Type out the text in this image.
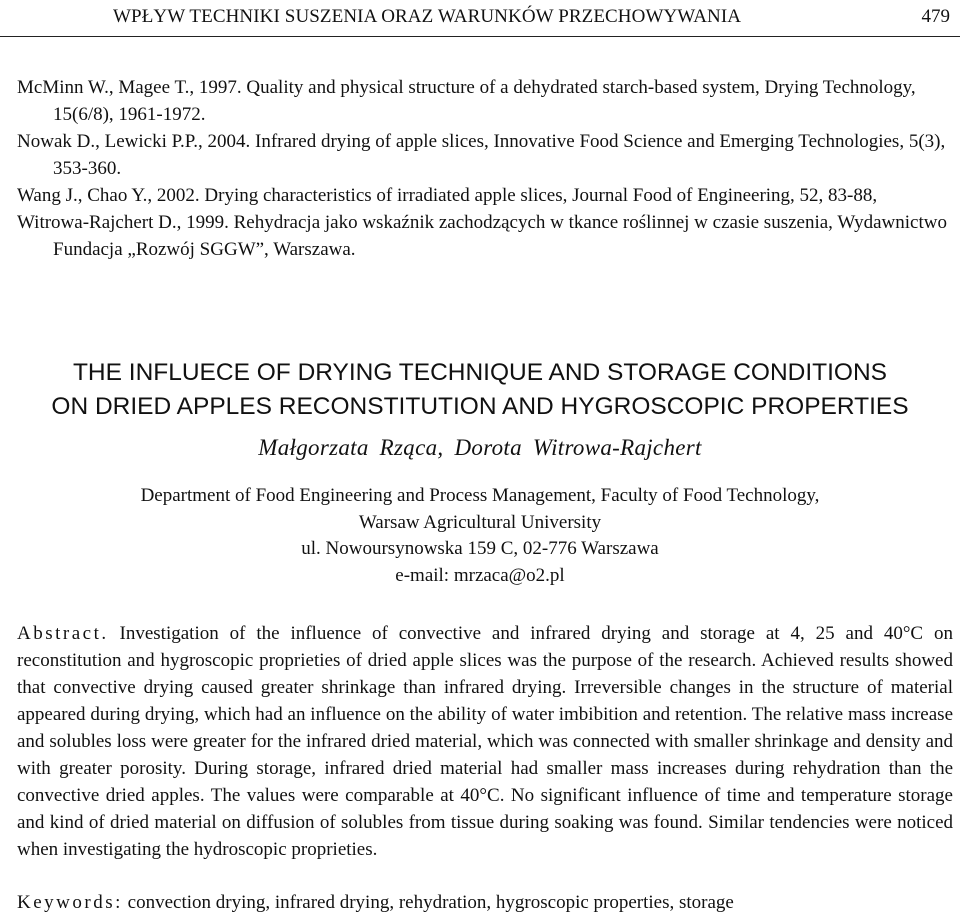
WPŁYW TECHNIKI SUSZENIA ORAZ WARUNKÓW PRZECHOWYWANIA	479

McMinn W., Magee T., 1997. Quality and physical structure of a dehydrated starch-based system, Drying Technology, 15(6/8), 1961-1972.

Nowak D., Lewicki P.P., 2004. Infrared drying of apple slices, Innovative Food Science and Emerging Technologies, 5(3), 353-360.

Wang J., Chao Y., 2002. Drying characteristics of irradiated apple slices, Journal Food of Engineering, 52, 83-88,

Witrowa-Rajchert D., 1999. Rehydracja jako wskaźnik zachodzących w tkance roślinnej w czasie suszenia, Wydawnictwo Fundacja „Rozwój SGGW”, Warszawa.

THE INFLUECE OF DRYING TECHNIQUE AND STORAGE CONDITIONS
ON DRIED APPLES RECONSTITUTION AND HYGROSCOPIC PROPERTIES
Małgorzata Rząca, Dorota Witrowa-Rajchert
Department of Food Engineering and Process Management, Faculty of Food Technology,
Warsaw Agricultural University
ul. Nowoursynowska 159 C, 02-776 Warszawa
e-mail: mrzaca@o2.pl

Abstract. Investigation of the influence of convective and infrared drying and storage at 4, 25 and 40°C on reconstitution and hygroscopic proprieties of dried apple slices was the purpose of the research. Achieved results showed that convective drying caused greater shrinkage than infrared drying. Irreversible changes in the structure of material appeared during drying, which had an influence on the ability of water imbibition and retention. The relative mass increase and solubles loss were greater for the infrared dried material, which was connected with smaller shrinkage and density and with greater porosity. During storage, infrared dried material had smaller mass increases during rehydration than the convective dried apples. The values were comparable at 40°C. No significant influence of time and temperature storage and kind of dried material on diffusion of solubles from tissue during soaking was found. Similar tendencies were noticed when investigating the hydroscopic proprieties.

Keywords: convection drying, infrared drying, rehydration, hygroscopic properties, storage
